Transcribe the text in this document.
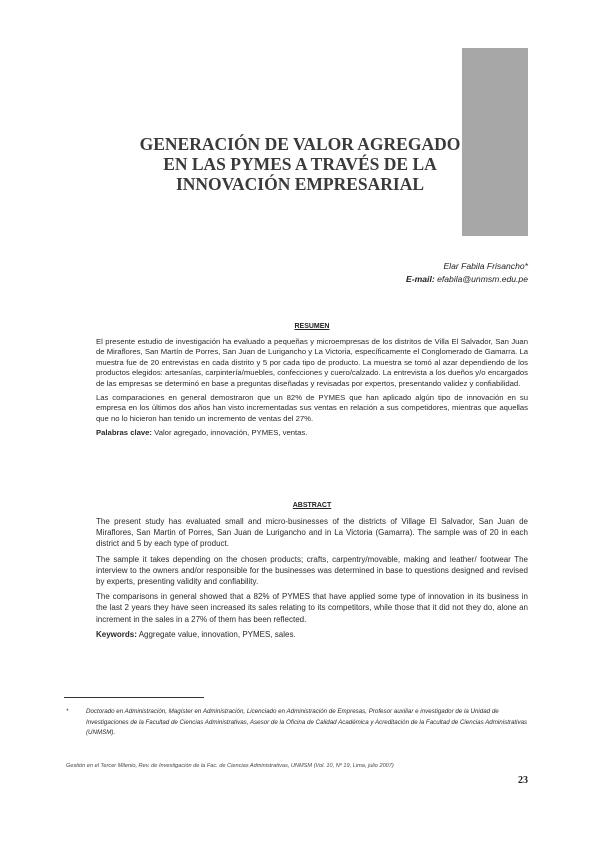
GENERACIÓN DE VALOR AGREGADO
EN LAS PYMES A TRAVÉS DE LA
INNOVACIÓN EMPRESARIAL
Elar Fabila Frisancho*
E-mail: efabila@unmsm.edu.pe
RESUMEN

El presente estudio de investigación ha evaluado a pequeñas y microempresas de los distritos de Villa El Salvador, San Juan de Miraflores, San Martín de Porres, San Juan de Lurigancho y La Victoria, específicamente el Conglomerado de Gamarra. La muestra fue de 20 entrevistas en cada distrito y 5 por cada tipo de producto. La muestra se tomó al azar dependiendo de los productos elegidos: artesanías, carpintería/muebles, confecciones y cuero/calzado. La entrevista a los dueños y/o encargados de las empresas se determinó en base a preguntas diseñadas y revisadas por expertos, presentando validez y confiabilidad.

Las comparaciones en general demostraron que un 82% de PYMES que han aplicado algún tipo de innovación en su empresa en los últimos dos años han visto incrementadas sus ventas en relación a sus competidores, mientras que aquellas que no lo hicieron han tenido un incremento de ventas del 27%.

Palabras clave: Valor agregado, innovación, PYMES, ventas.

ABSTRACT

The present study has evaluated small and micro-businesses of the districts of Village El Salvador, San Juan de Miraflores, San Martin of Porres, San Juan de Lurigancho and in La Victoria (Gamarra). The sample was of 20 in each district and 5 by each type of product.

The sample it takes depending on the chosen products; crafts, carpentry/movable, making and leather/ footwear The interview to the owners and/or responsible for the businesses was determined in base to questions designed and revised by experts, presenting validity and confiability.

The comparisons in general showed that a 82% of PYMES that have applied some type of innovation in its business in the last 2 years they have seen increased its sales relating to its competitors, while those that it did not they do, alone an increment in the sales in a 27% of them has been reflected.

Keywords: Aggregate value, innovation, PYMES, sales.

*	Doctorado en Administración, Magíster en Administración, Licenciado en Administración de Empresas, Profesor auxiliar e investigador de la Unidad de Investigaciones de la Facultad de Ciencias Administrativas, Asesor de la Oficina de Calidad Académica y Acreditación de la Facultad de Ciencias Administrativas (UNMSM).
Gestión en el Tercer Milenio, Rev. de Investigación de la Fac. de Ciencias Administrativas, UNMSM (Vol. 10, Nº 19, Lima, julio 2007)
23
